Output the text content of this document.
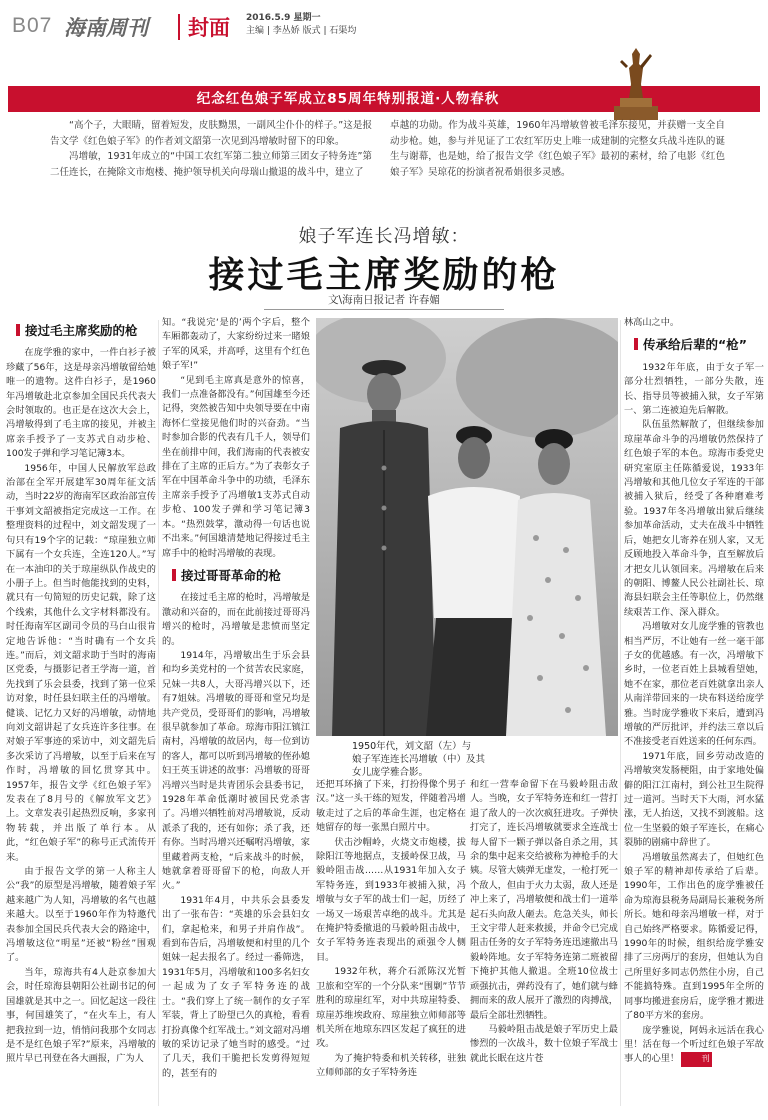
B07 海南周刊 封面 2016.5.9 星期一
主编 | 李丛娇 版式 | 石渠均
纪念红色娘子军成立85周年特别报道·人物春秋

“高个子，大眼睛，留着短发，皮肤黝黑，一副风尘仆仆的样子。”这是报告文学《红色娘子军》的作者刘文韶第一次见到冯增敏时留下的印象。

冯增敏，1931年成立的“中国工农红军第二独立师第三团女子特务连”第二任连长，在掩除文市炮楼、掩护领导机关向母瑞山撤退的战斗中，建立了

卓越的功勋。作为战斗英雄，1960年冯增敏曾被毛泽东接见，并获赠一支全自动步枪。她，参与并见证了工农红军历史上唯一成建制的完整女兵战斗连队的诞生与谢幕，也是她，给了报告文学《红色娘子军》最初的素材，给了电影《红色娘子军》吴琼花的扮演者祝希娟很多灵感。

娘子军连长冯增敏：
接过毛主席奖励的枪
文\海南日报记者 许春媚
接过毛主席奖励的枪

在庞学雅的家中，一件白衫子被珍藏了56年，这是母亲冯增敏留给她唯一的遗物。这件白衫子，是1960年冯增敏赴北京参加全国民兵代表大会时领取的。也正是在这次大会上，冯增敏得到了毛主席的接见，并被主席亲手授予了一支苏式自动步枪、100发子弹和学习笔记簿3本。

1956年，中国人民解放军总政治部在全军开展建军30周年征文活动，当时22岁的海南军区政治部宣传干事刘文韶被指定完成这一工作。在整理资料的过程中，刘文韶发现了一句只有19个字的记载：“琼崖独立师下属有一个女兵连，全连120人。”写在一本油印的关于琼崖纵队作战史的小册子上。但当时他能找到的史料，就只有一句简短的历史记载，除了这个线索，其他什么文字材料都没有。时任海南军区副司令员的马白山很肯定地告诉他：“当时确有一个女兵连。”而后，刘文韶求助于当时的海南区党委，与摄影记者王学海一道，首先找到了乐会县委，找到了第一位采访对象，时任县妇联主任的冯增敏。健谈、记忆力又好的冯增敏，动情地向刘文韶讲起了女兵连许多往事。在对娘子军事迹的采访中，刘文韶先后多次采访了冯增敏，以至于后来在写作时，冯增敏的回忆贯穿其中。1957年，报告文学《红色娘子军》发表在了8月号的《解放军文艺》上。文章发表引起热烈反响，多家刊物转载，并出版了单行本。从此，“红色娘子军”的称号正式流传开来。

由于报告文学的第一人称主人公“我”的原型是冯增敏，随着娘子军越来越广为人知，冯增敏的名气也越来越大。以至于1960年作为特邀代表参加全国民兵代表大会的路途中，冯增敏这位“明星”还被“粉丝”围观了。

当年，琼海共有4人赴京参加大会，时任琼海县朝阳公社副书记的何国雄就是其中之一。回忆起这一段往事，何国雄笑了，“在火车上，有人把我拉到一边，悄悄问我那个女同志是不是红色娘子军?”原来，冯增敏的照片早已刊登在各大画报，广为人

知。“我说完‘是的’两个字后，整个车厢都轰动了，大家纷纷过来一睹娘子军的风采，并高呼，这里有个红色娘子军!”

“见到毛主席真是意外的惊喜，我们一点准备都没有。”何国雄至今还记得，突然被告知中央领导要在中南海怀仁堂接见他们时的兴奋劲。“当时参加合影的代表有几千人，领导们坐在前排中间，我们海南的代表被安排在了主席的正后方。”为了表彰女子军在中国革命斗争中的功绩，毛泽东主席亲手授予了冯增敏1支苏式自动步枪、100发子弹和学习笔记簿3本。“热烈鼓掌，激动得一句话也说不出来。”何国雄清楚地记得接过毛主席手中的枪时冯增敏的表现。

接过哥哥革命的枪

在接过毛主席的枪时，冯增敏是激动和兴奋的，而在此前接过哥哥冯增兴的枪时，冯增敏是悲愤而坚定的。

1914年，冯增敏出生于乐会县和均乡美党村的一个贫苦农民家庭，兄妹一共8人，大哥冯增兴以下，还有7姐妹。冯增敏的哥哥和堂兄均是共产党员，受哥哥们的影响，冯增敏很早就参加了革命。琼海市阳江镇江南村，冯增敏的故居内，每一位到访的客人，都可以听到冯增敏的侄孙媳妇王英玉讲述的故事：冯增敏的哥哥冯增兴当时是共青团乐会县委书记，1928年革命低潮时被国民党杀害了。冯增兴牺牲前对冯增敏说，反动派杀了我的，还有如你；杀了我，还有你。当时冯增兴还嘱咐冯增敏，家里藏着两支枪，“后来战斗的时候，她就拿着哥哥留下的枪，向敌人开火。”

1931年4月，中共乐会县委发出了一张布告：“英雄的乐会县妇女们，拿起枪来，和男子并肩作战”。看到布告后，冯增敏便和村里的几个姐妹一起去报名了。经过一番筛选，1931年5月，冯增敏和100多名妇女一起成为了女子军特务连的战士。“我们穿上了统一制作的女子军军装，背上了盼望已久的真枪，看看打扮真像个红军战士。”刘文韶对冯增敏的采访记录了她当时的感受。“过了几天，我们干脆把长发剪得短短的，甚至有的

1950年代，刘文韶（左）与
娘子军连连长冯增敏（中）及其
女儿庞学雅合影。

还把耳环摘了下来，打扮得像个男子汉。”这一头干练的短发，伴随着冯增敏走过了之后的革命生涯，也定格在她留存的每一张黑白照片中。

伏击沙帽岭，火烧文市炮楼，拔除阳江等地据点，支援岭保卫战，马毅岭阻击战……从1931年加入女子军特务连，到1933年被捕入狱，冯增敏与女子军的战士们一起，历经了一场又一场艰苦卓绝的战斗。尤其是在掩护特委撤退的马毅岭阻击战中，女子军特务连表现出的顽强令人侧目。

1932年秋，蒋介石派陈汉光暂卫旅和空军的一个分队来“围剿”节节胜利的琼崖红军，对中共琼崖特委、琼崖苏维埃政府、琼崖独立师师部等机关所在地琼东四区发起了疯狂的进攻。

为了掩护特委和机关转移，驻独立师师部的女子军特务连

和红一营奉命留下在马毅岭阻击敌人。当晚，女子军特务连和红一营打退了敌人的一次次疯狂进攻。子弹快打完了，连长冯增敏就要求全连战士每人留下一颗子弹以备自杀之用，其余的集中起来交给被称为神枪手的大姨。尽管大姨弹无虚发，一枪打死一个敌人，但由于火力太弱，敌人还是冲上来了，冯增敏便和战士们一道举起石头向敌人砸去。危急关头，师长王文宇带人赶来救援，并命令已完成阻击任务的女子军特务连迅速撤出马毅岭阵地。女子军特务连第二班被留下掩护其他人撤退。全班10位战士顽强抗击，弹药没有了，她们就与蜂拥而来的敌人展开了激烈的肉搏战，最后全部壮烈牺牲。

马毅岭阻击战是娘子军历史上最惨烈的一次战斗，数十位娘子军战士就此长眠在这片苍

林高山之中。

传承给后辈的“枪”

1932年年底，由于女子军一部分壮烈牺牲，一部分失散，连长、指导员等被捕入狱，女子军第一、第二连被迫先后解散。

队伍虽然解散了，但继续参加琼崖革命斗争的冯增敏仍然保持了红色娘子军的本色。琼海市委党史研究室原主任陈循爱说，1933年冯增敏和其他几位女子军连的干部被捕入狱后，经受了各种磨难考验。1937年冬冯增敏出狱后继续参加革命活动，丈夫在战斗中牺牲后，她把女儿寄养在别人家，又无反顾地投入革命斗争，直至解放后才把女儿认领回来。冯增敏在后来的朝阳、博鳌人民公社副社长、琼海县妇联会主任等职位上，仍然继续艰苦工作、深入群众。

冯增敏对女儿庞学雅的管教也相当严厉，不让她有一丝一毫干部子女的优越感。有一次，冯增敏下乡时，一位老百姓上县城看望她，她不在家，那位老百姓就拿出亲人从南洋带回来的一块布料送给庞学雅。当时庞学雅收下来后，遭到冯增敏的严厉批评，并约法三章以后不准接受老百姓送来的任何东西。

1971年底，回乡劳动改造的冯增敏突发肠梗阻，由于家地处偏僻的阳江江南村，到公社卫生院得过一道河。当时天下大雨，河水猛涨，无人抬送，又找不到渡船。这位一生坚毅的娘子军连长，在痛心裂肺的剧痛中辞世了。

冯增敏虽然离去了，但她红色娘子军的精神却传承给了后辈。1990年，工作出色的庞学雅被任命为琼海县税务局副局长兼税务所所长。她和母亲冯增敏一样，对于自己始终严格要求。陈循爱记得，1990年的时候，组织给庞学雅安排了三房两厅的套房，但她认为自己所里好多同志仍然住小房，自己不能搞特殊。直到1995年全所的同事均搬进套房后，庞学雅才搬进了80平方米的套房。

庞学雅说，阿妈永远活在我心里！活在每一个听过红色娘子军故事人的心里！	刊
